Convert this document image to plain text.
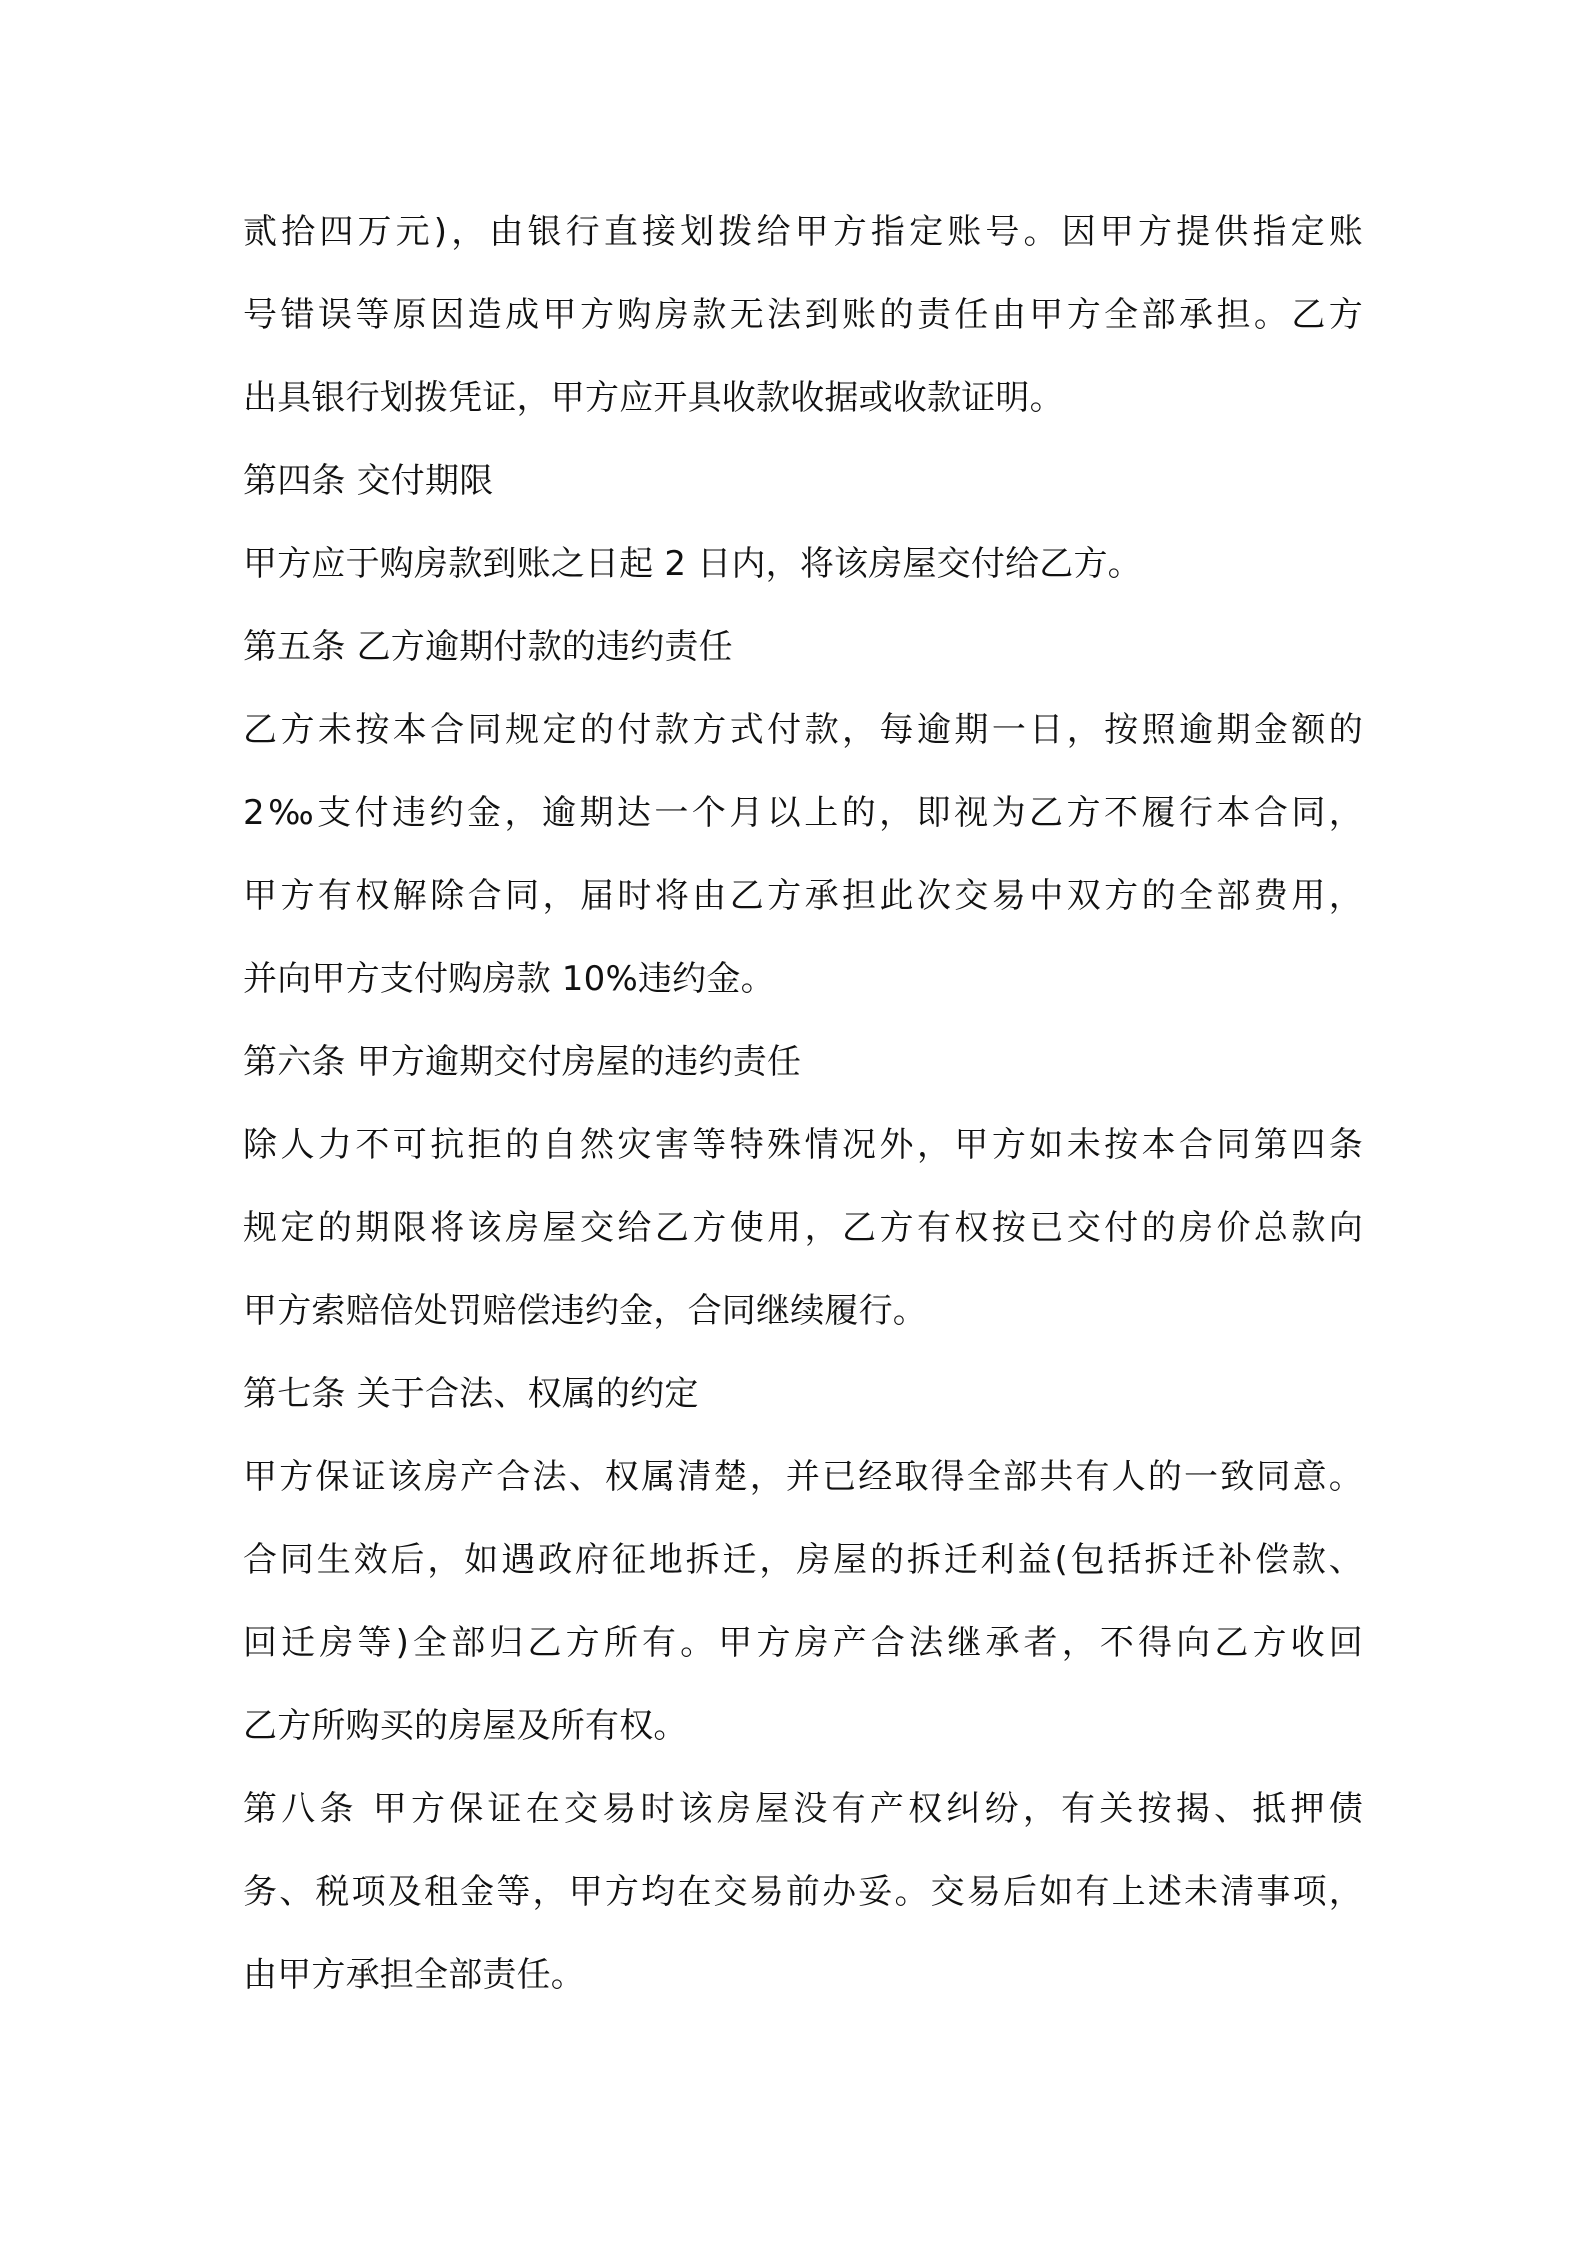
贰拾四万元)，由银行直接划拨给甲方指定账号。因甲方提供指定账
号错误等原因造成甲方购房款无法到账的责任由甲方全部承担。乙方
出具银行划拨凭证，甲方应开具收款收据或收款证明。
第四条 交付期限
甲方应于购房款到账之日起 2 日内，将该房屋交付给乙方。
第五条 乙方逾期付款的违约责任
乙方未按本合同规定的付款方式付款，每逾期一日，按照逾期金额的
2‰支付违约金，逾期达一个月以上的，即视为乙方不履行本合同，
甲方有权解除合同，届时将由乙方承担此次交易中双方的全部费用，
并向甲方支付购房款 10%违约金。
第六条 甲方逾期交付房屋的违约责任
除人力不可抗拒的自然灾害等特殊情况外，甲方如未按本合同第四条
规定的期限将该房屋交给乙方使用，乙方有权按已交付的房价总款向
甲方索赔倍处罚赔偿违约金，合同继续履行。
第七条 关于合法、权属的约定
甲方保证该房产合法、权属清楚，并已经取得全部共有人的一致同意。
合同生效后，如遇政府征地拆迁，房屋的拆迁利益(包括拆迁补偿款、
回迁房等)全部归乙方所有。甲方房产合法继承者，不得向乙方收回
乙方所购买的房屋及所有权。
第八条 甲方保证在交易时该房屋没有产权纠纷，有关按揭、抵押债
务、税项及租金等，甲方均在交易前办妥。交易后如有上述未清事项，
由甲方承担全部责任。
